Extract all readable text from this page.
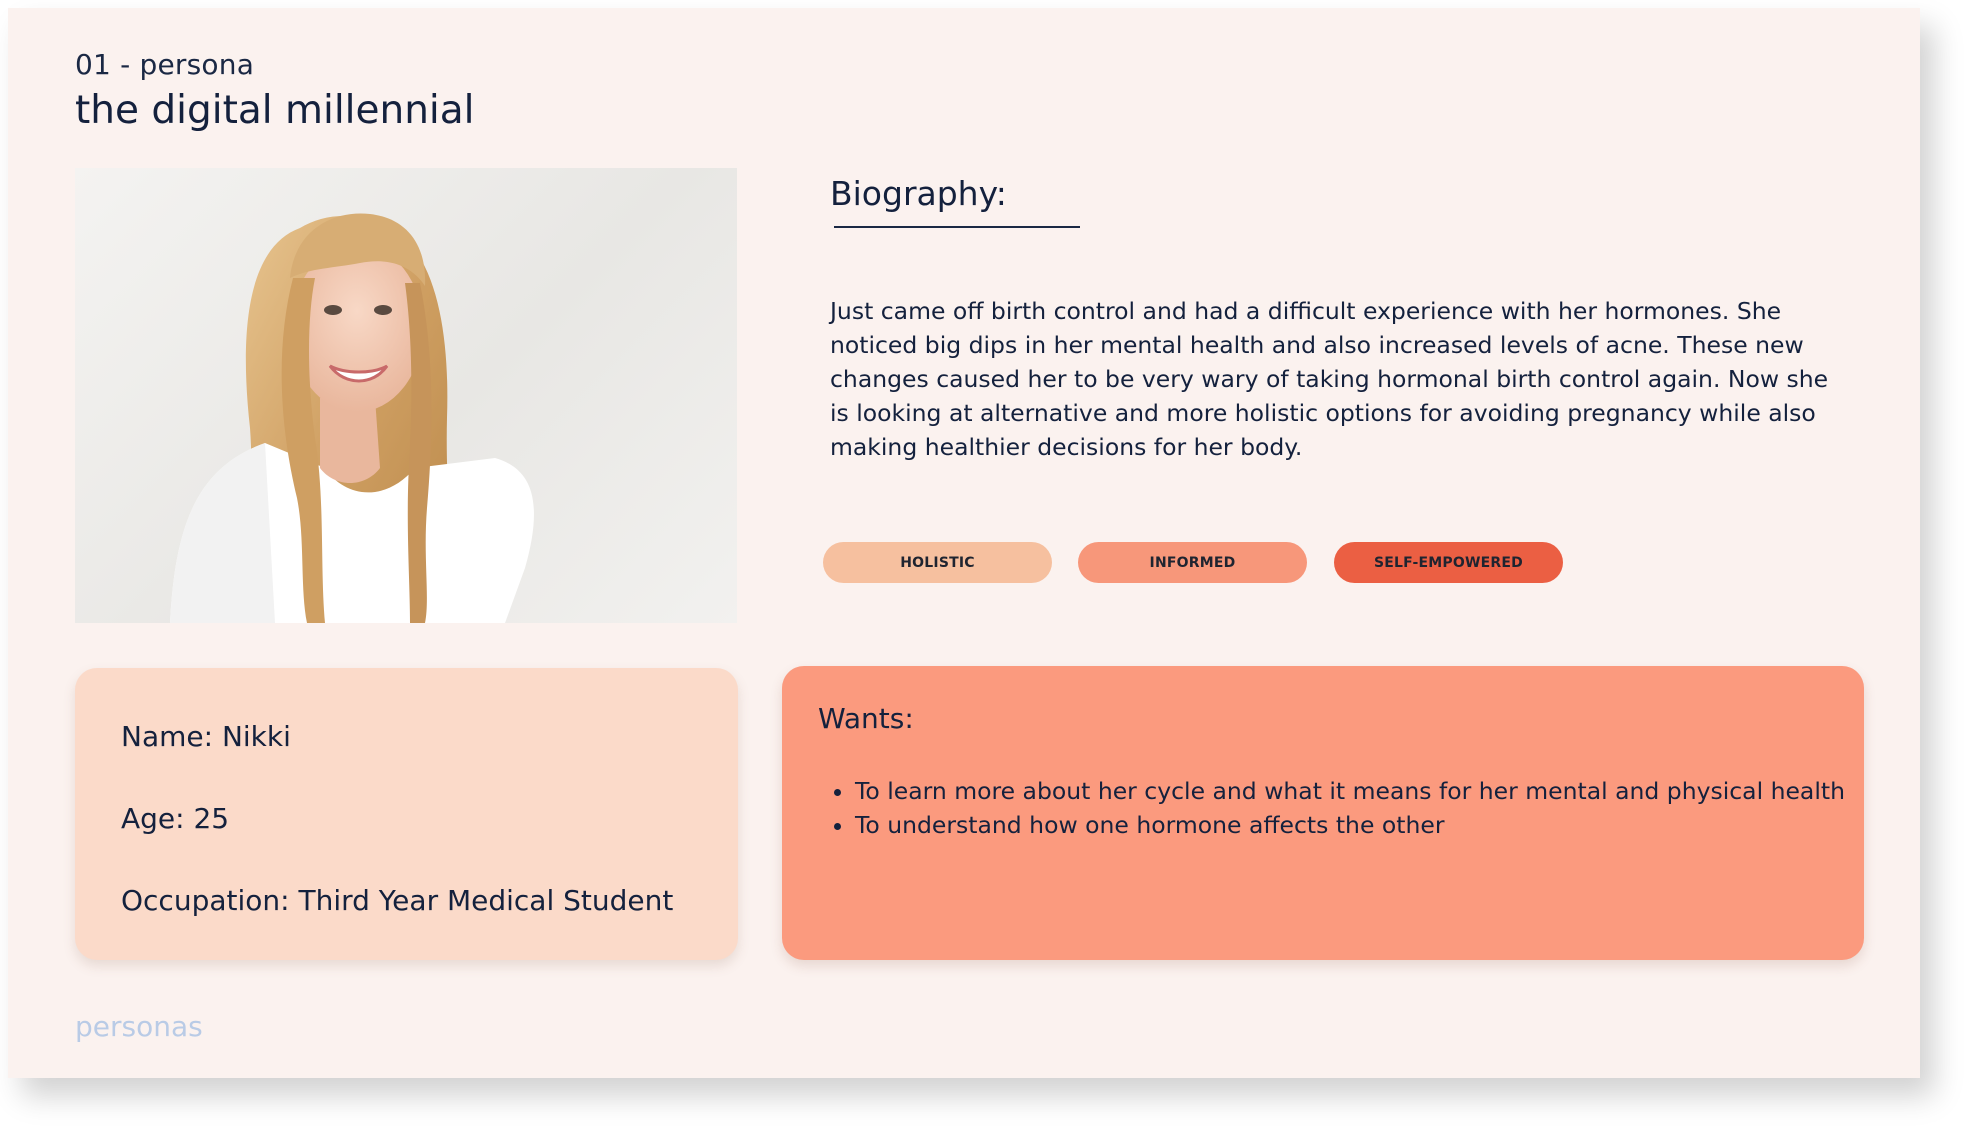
01 - persona
the digital millennial
Biography:
Just came off birth control and had a difficult experience with her hormones. She noticed big dips in her mental health and also increased levels of acne. These new changes caused her to be very wary of taking hormonal birth control again. Now she is looking at alternative and more holistic options for avoiding pregnancy while also making healthier decisions for her body.
HOLISTIC	INFORMED	SELF-EMPOWERED
Name: Nikki
Age: 25
Occupation: Third Year Medical Student
Wants:
• To learn more about her cycle and what it means for her mental and physical health
• To understand how one hormone affects the other
personas
